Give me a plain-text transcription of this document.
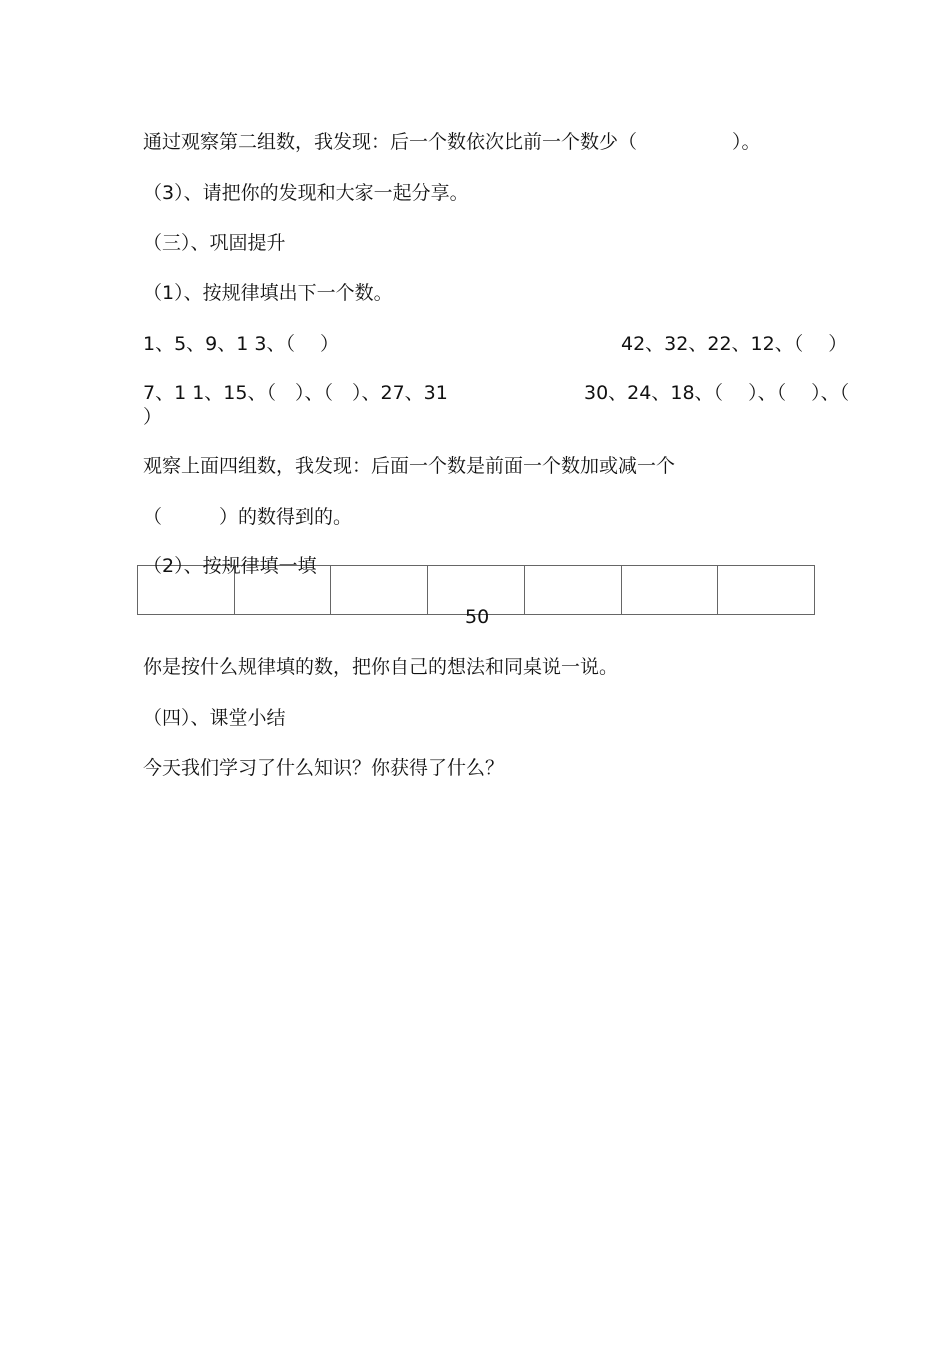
通过观察第二组数，我发现：后一个数依次比前一个数少（　　　　　）。
（3）、请把你的发现和大家一起分享。
（三）、巩固提升
（1）、按规律填出下一个数。
1、5、9、1 3、（　 ）	42、32、22、12、（　 ）
7、1 1、15、（　）、（　）、27、31	30、24、18、（　 ）、（　 ）、（
）
观察上面四组数，我发现：后面一个数是前面一个数加或减一个
（　　　）的数得到的。
（2）、按规律填一填
50
你是按什么规律填的数，把你自己的想法和同桌说一说。
（四）、课堂小结
今天我们学习了什么知识？你获得了什么？
